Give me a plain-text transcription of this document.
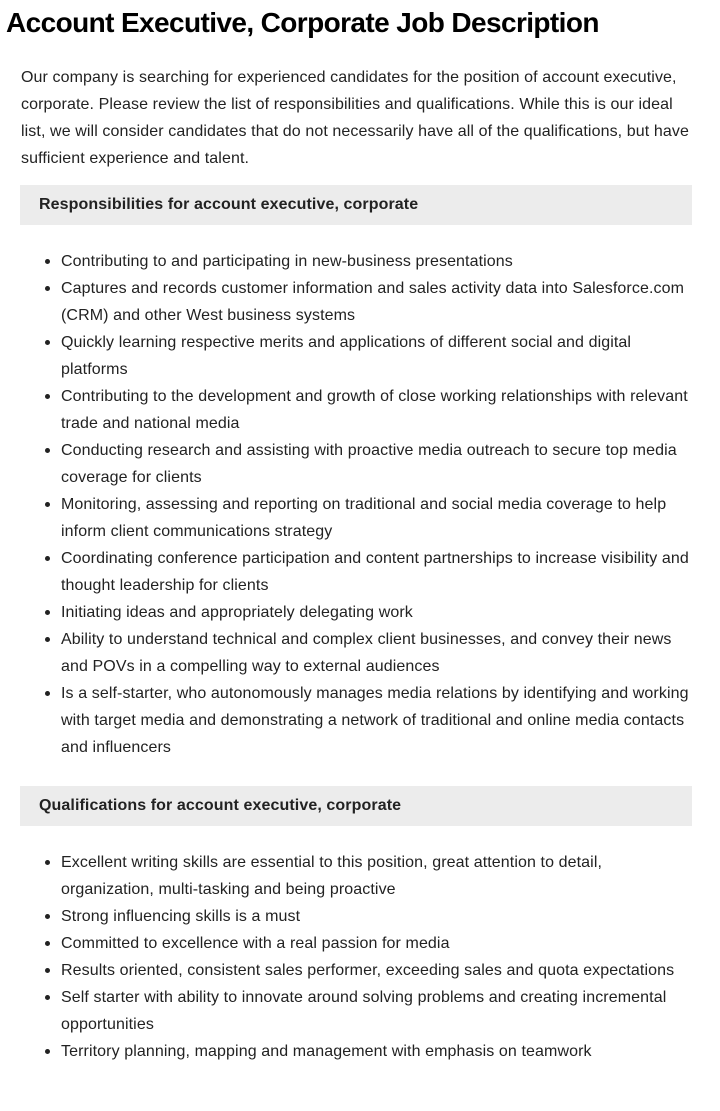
Account Executive, Corporate Job Description

Our company is searching for experienced candidates for the position of account executive, corporate. Please review the list of responsibilities and qualifications. While this is our ideal list, we will consider candidates that do not necessarily have all of the qualifications, but have sufficient experience and talent.

Responsibilities for account executive, corporate
Contributing to and participating in new-business presentations
Captures and records customer information and sales activity data into Salesforce.com (CRM) and other West business systems
Quickly learning respective merits and applications of different social and digital platforms
Contributing to the development and growth of close working relationships with relevant trade and national media
Conducting research and assisting with proactive media outreach to secure top media coverage for clients
Monitoring, assessing and reporting on traditional and social media coverage to help inform client communications strategy
Coordinating conference participation and content partnerships to increase visibility and thought leadership for clients
Initiating ideas and appropriately delegating work
Ability to understand technical and complex client businesses, and convey their news and POVs in a compelling way to external audiences
Is a self-starter, who autonomously manages media relations by identifying and working with target media and demonstrating a network of traditional and online media contacts and influencers
Qualifications for account executive, corporate
Excellent writing skills are essential to this position, great attention to detail, organization, multi-tasking and being proactive
Strong influencing skills is a must
Committed to excellence with a real passion for media
Results oriented, consistent sales performer, exceeding sales and quota expectations
Self starter with ability to innovate around solving problems and creating incremental opportunities
Territory planning, mapping and management with emphasis on teamwork
